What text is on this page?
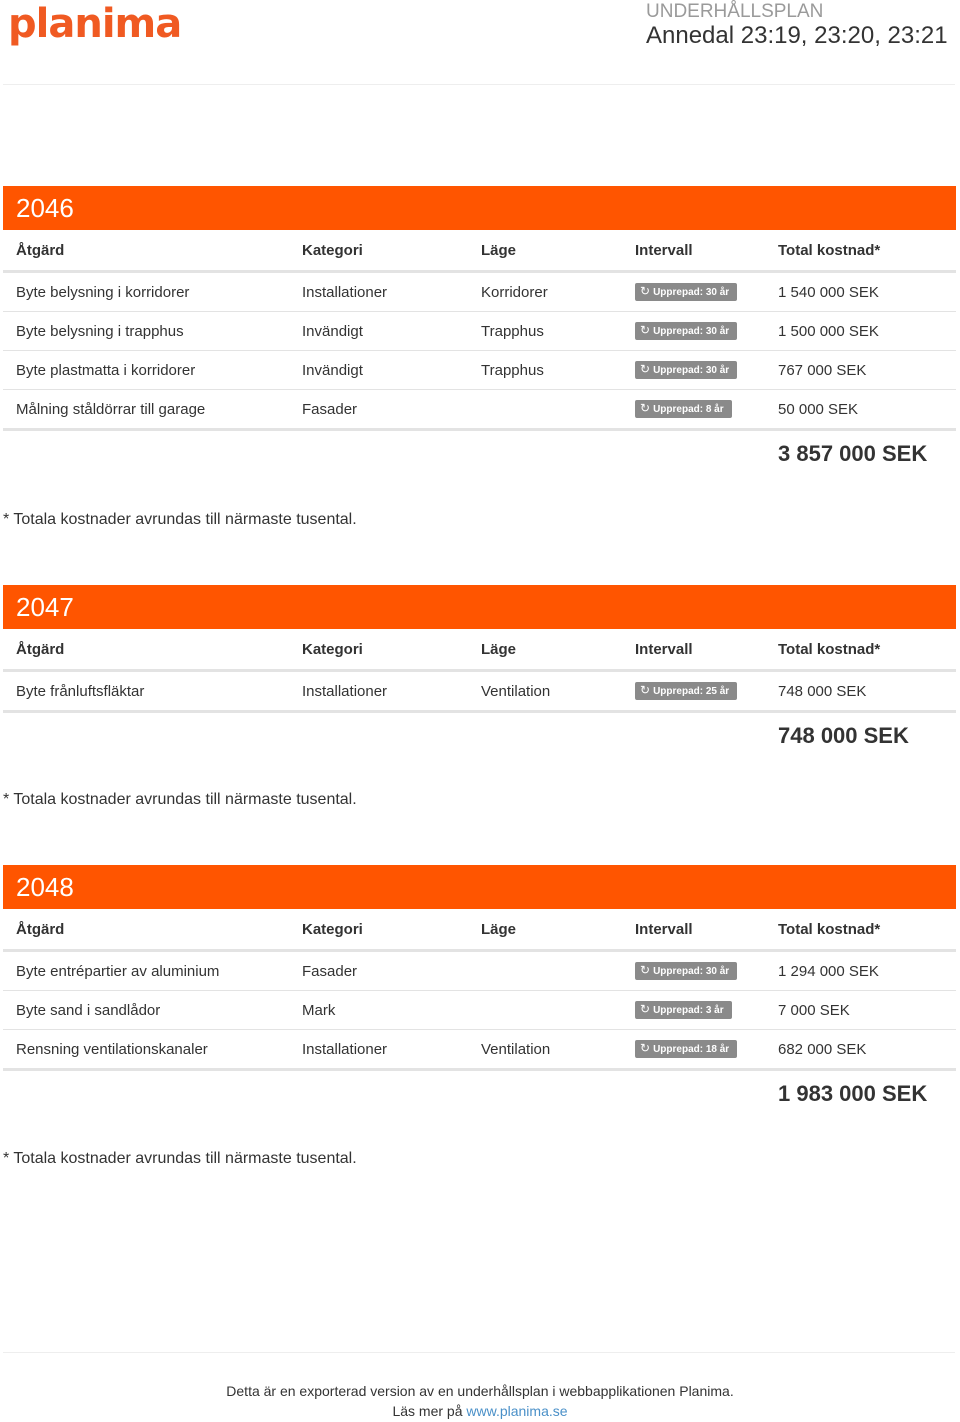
planima	UNDERHÅLLSPLAN
Annedal 23:19, 23:20, 23:21
2046
Åtgärd	Kategori	Läge	Intervall	Total kostnad*
Byte belysning i korridorer	Installationer	Korridorer	↻ Upprepad: 30 år	1 540 000 SEK
Byte belysning i trapphus	Invändigt	Trapphus	↻ Upprepad: 30 år	1 500 000 SEK
Byte plastmatta i korridorer	Invändigt	Trapphus	↻ Upprepad: 30 år	767 000 SEK
Målning ståldörrar till garage	Fasader		↻ Upprepad: 8 år	50 000 SEK
3 857 000 SEK
* Totala kostnader avrundas till närmaste tusental.
2047
Åtgärd	Kategori	Läge	Intervall	Total kostnad*
Byte frånluftsfläktar	Installationer	Ventilation	↻ Upprepad: 25 år	748 000 SEK
748 000 SEK
* Totala kostnader avrundas till närmaste tusental.
2048
Åtgärd	Kategori	Läge	Intervall	Total kostnad*
Byte entrépartier av aluminium	Fasader		↻ Upprepad: 30 år	1 294 000 SEK
Byte sand i sandlådor	Mark		↻ Upprepad: 3 år	7 000 SEK
Rensning ventilationskanaler	Installationer	Ventilation	↻ Upprepad: 18 år	682 000 SEK
1 983 000 SEK
* Totala kostnader avrundas till närmaste tusental.
Detta är en exporterad version av en underhållsplan i webbapplikationen Planima.
Läs mer på www.planima.se
